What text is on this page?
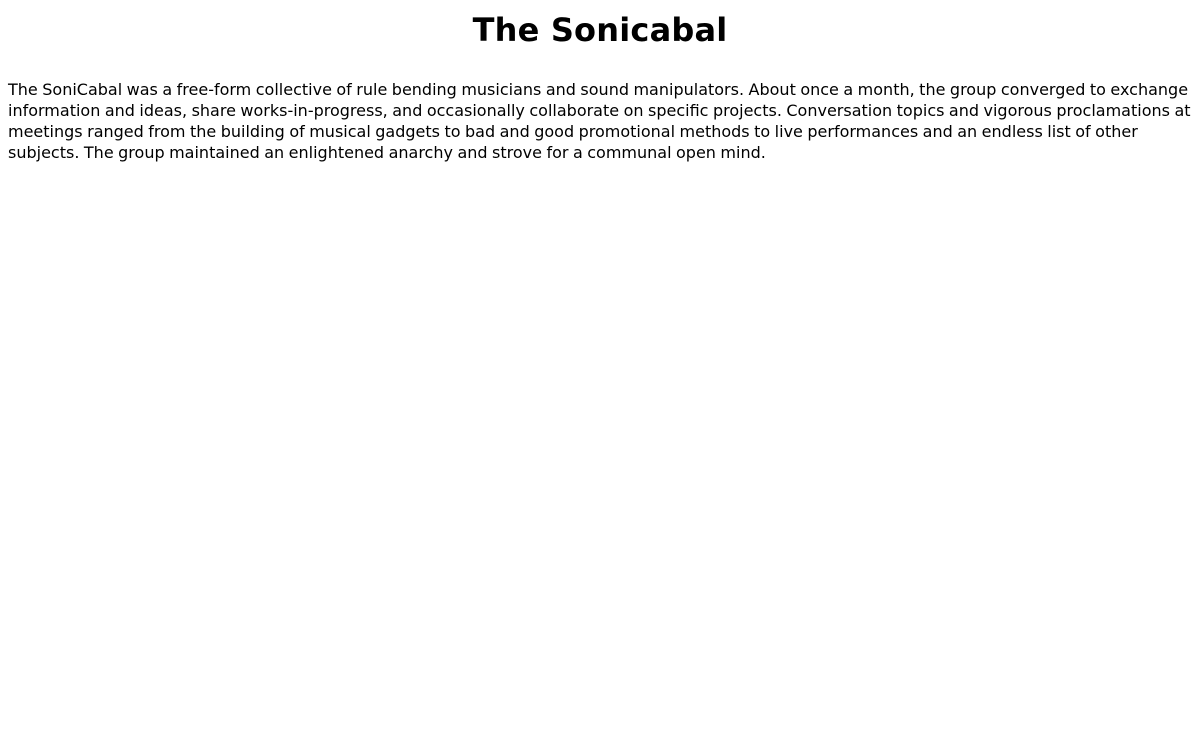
The Sonicabal

The SoniCabal was a free-form collective of rule bending musicians and sound manipulators. About once a month, the group converged to exchange information and ideas, share works-in-progress, and occasionally collaborate on specific projects. Conversation topics and vigorous proclamations at meetings ranged from the building of musical gadgets to bad and good promotional methods to live performances and an endless list of other subjects. The group maintained an enlightened anarchy and strove for a communal open mind.
